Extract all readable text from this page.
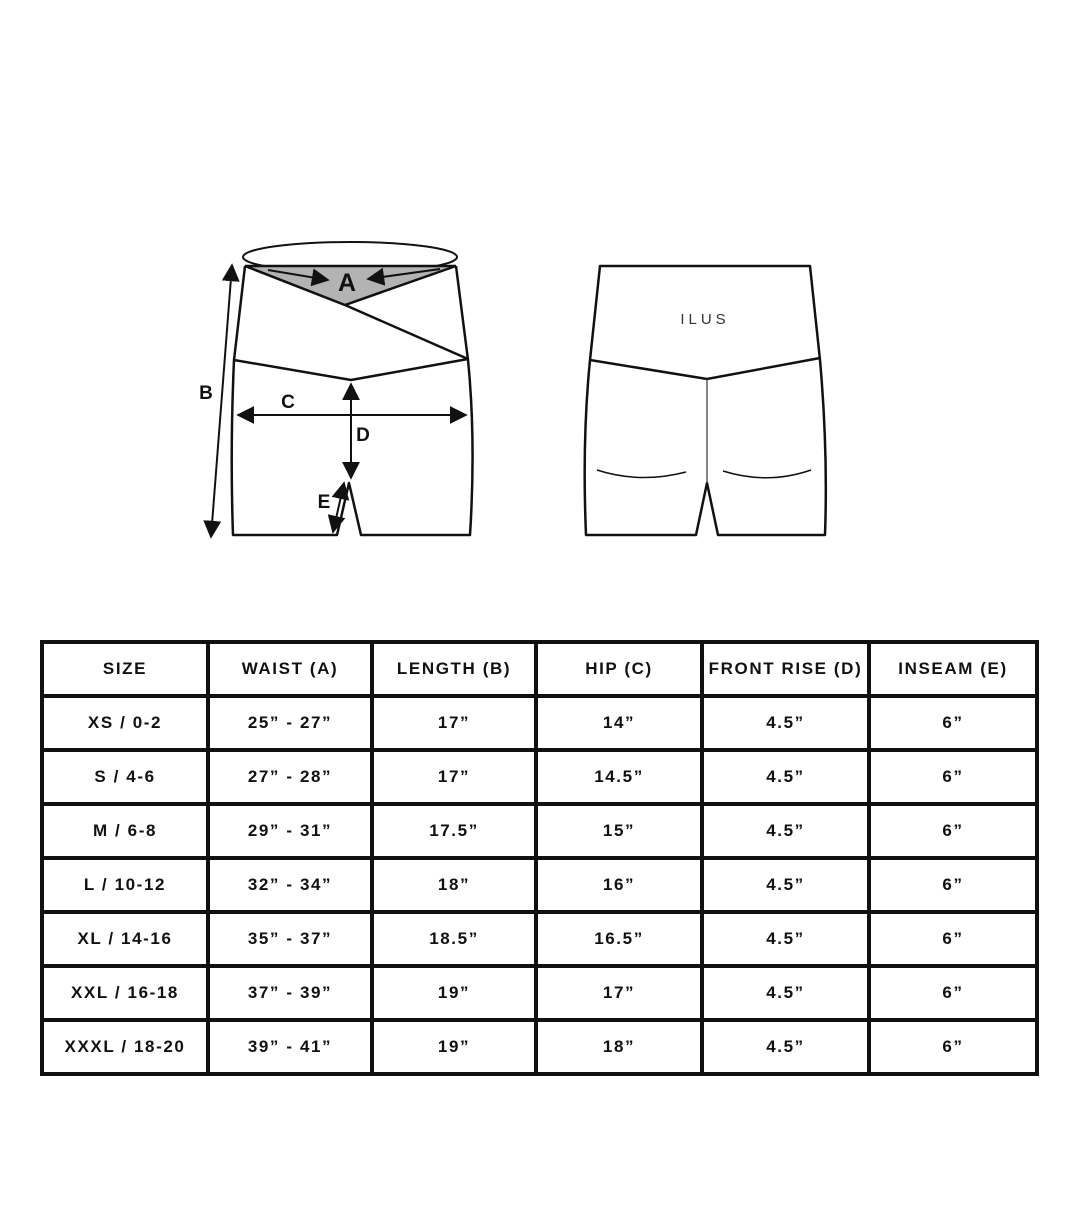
A
B	C
D
E
ILUS
SIZE	WAIST (A)	LENGTH (B)	HIP (C)	FRONT RISE (D)	INSEAM (E)
XS / 0-2	25” - 27”	17”	14”	4.5”	6”
S / 4-6	27” - 28”	17”	14.5”	4.5”	6”
M / 6-8	29” - 31”	17.5”	15”	4.5”	6”
L / 10-12	32” - 34”	18”	16”	4.5”	6”
XL / 14-16	35” - 37”	18.5”	16.5”	4.5”	6”
XXL / 16-18	37” - 39”	19”	17”	4.5”	6”
XXXL / 18-20	39” - 41”	19”	18”	4.5”	6”
